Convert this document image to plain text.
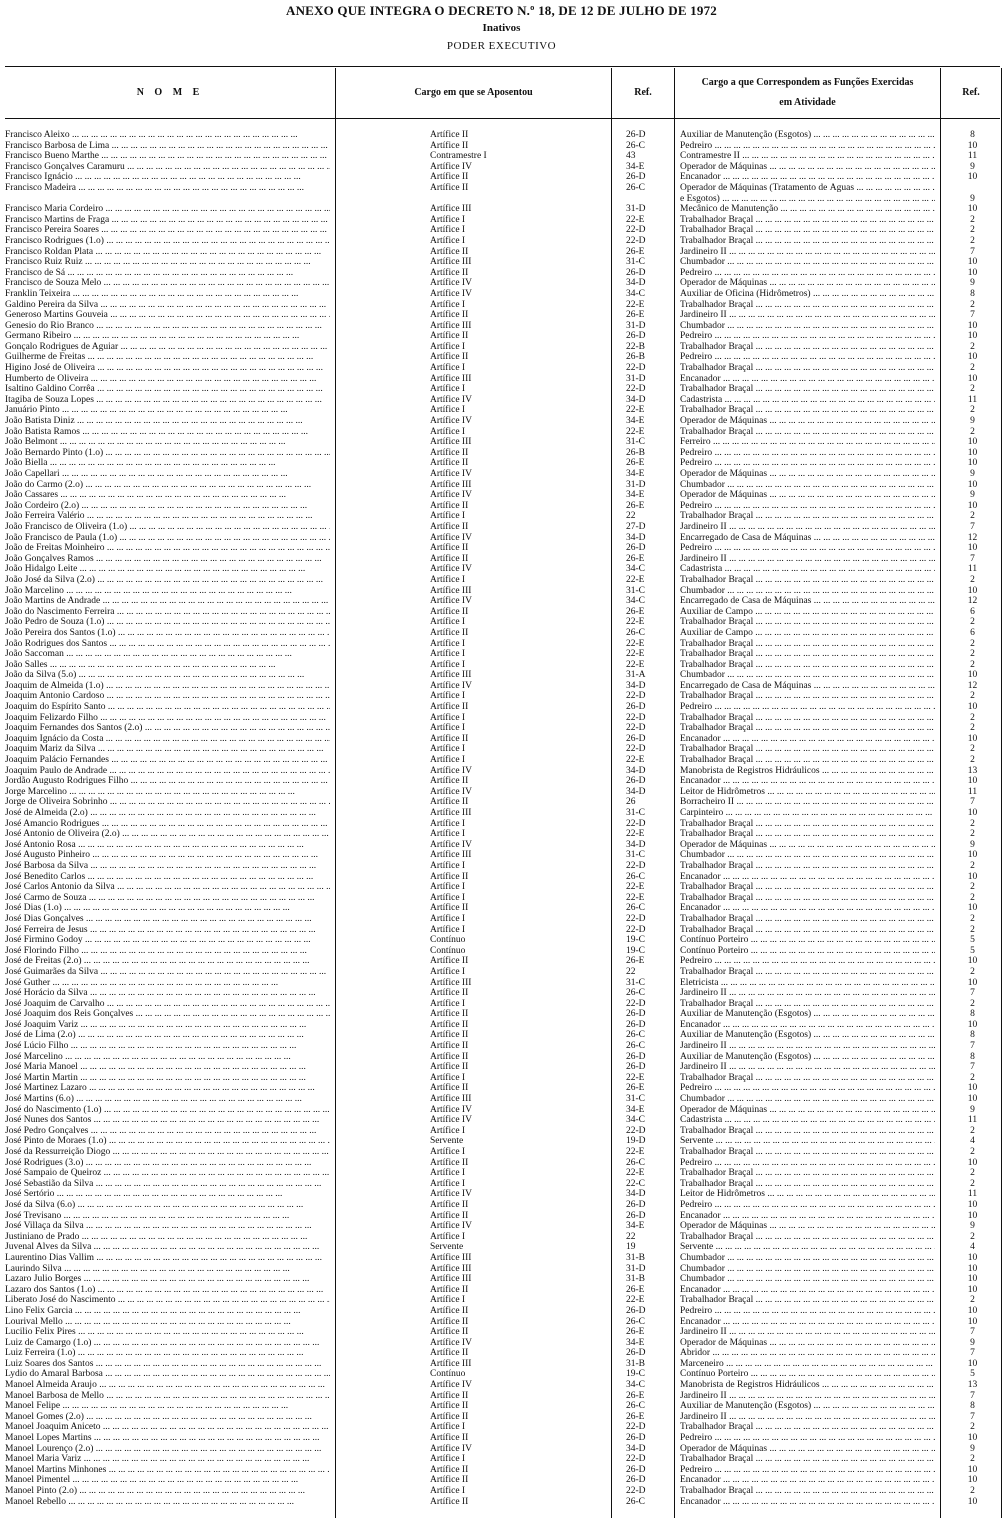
ANEXO QUE INTEGRA O DECRETO N.º 18, DE 12 DE JULHO DE 1972
Inativos
PODER EXECUTIVO
N O M E	Cargo em que se Aposentou	Ref.
Cargo a que Correspondem as Funções Exercidas em Atividade
Ref.
Francisco Aleixo ... .	Artífice II	26-D	Auxiliar de Manutenção (Esgotos) ... .	8
Francisco Barbosa de Lima ... .	Artífice II	26-C	Pedreiro ... .	10
Francisco Bueno Marthe ... .	Contramestre I	43	Contramestre II ... .	11
Francisco Gonçalves Caramuru ... .	Artífice IV	34-E	Operador de Máquinas ... .	9
Francisco Ignácio ... .	Artífice II	26-D	Encanador ... .	10
Francisco Madeira ... .	Artífice II	26-C	Operador de Máquinas (Tratamento de Águas ... .
e Esgotos) ... .	9
Francisco Maria Cordeiro ... .	Artífice III	31-D	Mecânico de Manutenção ... .	10
Francisco Martins de Fraga ... .	Artífice I	22-E	Trabalhador Braçal ... .	2
Francisco Pereira Soares ... .	Artífice I	22-D	Trabalhador Braçal ... .	2
Francisco Rodrigues (1.o) ... .	Artífice I	22-D	Trabalhador Braçal ... .	2
Francisco Roldan Plata ... .	Artífice II	26-E	Jardineiro II ... .	7
Francisco Ruiz Ruiz ... .	Artífice III	31-C	Chumbador ... .	10
Francisco de Sá ... .	Artífice II	26-D	Pedreiro ... .	10
Francisco de Souza Melo ... .	Artífice IV	34-D	Operador de Máquinas ... .	9
Franklin Teixeira ... .	Artífice IV	34-C	Auxiliar de Oficina (Hidrômetros) ... .	8
Galdino Pereira da Silva ... .	Artífice I	22-E	Trabalhador Braçal ... .	2
Generoso Martins Gouveia ... .	Artífice II	26-E	Jardineiro II ... .	7
Genesio do Rio Branco ... .	Artífice III	31-D	Chumbador ... .	10
Germano Ribeiro ... .	Artífice II	26-D	Pedreiro ... .	10
Gonçalo Rodrigues de Aguiar ... .	Artífice I	22-B	Trabalhador Braçal ... .	2
Guilherme de Freitas ... .	Artífice II	26-B	Pedreiro ... .	10
Higino José de Oliveira ... .	Artífice I	22-D	Trabalhador Braçal ... .	2
Humberto de Oliveira ... .	Artífice III	31-D	Encanador ... .	10
Isaltino Galdino Corrêa ... .	Artífice I	22-D	Trabalhador Braçal ... .	2
Itagiba de Souza Lopes ... .	Artífice IV	34-D	Cadastrista ... .	11
Januário Pinto ... .	Artífice I	22-E	Trabalhador Braçal ... .	2
João Batista Diniz ... .	Artífice IV	34-E	Operador de Máquinas ... .	9
João Batista Ramos ... .	Artífice I	22-E	Trabalhador Braçal ... .	2
João Belmont ... .	Artífice III	31-C	Ferreiro ... .	10
João Bernardo Pinto (1.o) ... .	Artífice II	26-B	Pedreiro ... .	10
João Biella ... .	Artífice II	26-E	Pedreiro ... .	10
João Capellari ... .	Artífice IV	34-E	Operador de Máquinas ... .	9
João do Carmo (2.o) ... .	Artífice III	31-D	Chumbador ... .	10
João Cassares ... .	Artífice IV	34-E	Operador de Máquinas ... .	9
João Cordeiro (2.o) ... .	Artífice II	26-E	Pedreiro ... .	10
João Ferreira Valério ... .	Artífice I	22	Trabalhador Braçal ... .	2
João Francisco de Oliveira (1.o) ... .	Artífice II	27-D	Jardineiro II ... .	7
João Francisco de Paula (1.o) ... .	Artífice IV	34-D	Encarregado de Casa de Máquinas ... .	12
João de Freitas Moinheiro ... .	Artífice II	26-D	Pedreiro ... .	10
João Gonçalves Ramos ... .	Artífice II	26-E	Jardineiro II ... .	7
João Hidalgo Leite ... .	Artífice IV	34-C	Cadastrista ... .	11
João José da Silva (2.o) ... .	Artífice I	22-E	Trabalhador Braçal ... .	2
João Marcelino ... .	Artífice III	31-C	Chumbador ... .	10
João Martins de Andrade ... .	Artífice IV	34-C	Encarregado de Casa de Máquinas ... .	12
João do Nascimento Ferreira ... .	Artífice II	26-E	Auxiliar de Campo ... .	6
João Pedro de Souza (1.o) ... .	Artífice I	22-E	Trabalhador Braçal ... .	2
João Pereira dos Santos (1.o) ... .	Artífice II	26-C	Auxiliar de Campo ... .	6
João Rodrigues dos Santos ... .	Artífice I	22-E	Trabalhador Braçal ... .	2
João Saccoman ... .	Artífice I	22-E	Trabalhador Braçal ... .	2
João Salles ... .	Artífice I	22-E	Trabalhador Braçal ... .	2
João da Silva (5.o) ... .	Artífice III	31-A	Chumbador ... .	10
Joaquim de Almeida (1.o) ... .	Artífice IV	34-D	Encarregado de Casa de Máquinas ... .	12
Joaquim Antonio Cardoso ... .	Artífice I	22-D	Trabalhador Braçal ... .	2
Joaquim do Espírito Santo ... .	Artífice II	26-D	Pedreiro ... .	10
Joaquim Felizardo Filho ... .	Artífice I	22-D	Trabalhador Braçal ... .	2
Joaquim Fernandes dos Santos (2.o) ... .	Artífice I	22-D	Trabalhador Braçal ... .	2
Joaquim Ignácio da Costa ... .	Artífice II	26-D	Encanador ... .	10
Joaquim Mariz da Silva ... .	Artífice I	22-D	Trabalhador Braçal ... .	2
Joaquim Palácio Fernandes ... .	Artífice I	22-E	Trabalhador Braçal ... .	2
Joaquim Paulo de Andrade ... .	Artífice IV	34-D	Manobrista de Registros Hidráulicos ... .	13
Jordão Augusto Rodrigues Filho ... .	Artífice II	26-D	Encanador ... .	10
Jorge Marcelino ... .	Artífice IV	34-D	Leitor de Hidrômetros ... .	11
Jorge de Oliveira Sobrinho ... .	Artífice II	26	Borracheiro II ... .	7
José de Almeida (2.o) ... .	Artífice III	31-C	Carpinteiro ... .	10
José Amancio Rodrigues ... .	Artífice I	22-D	Trabalhador Braçal ... .	2
José Antonio de Oliveira (2.o) ... .	Artífice I	22-E	Trabalhador Braçal ... .	2
José Antonio Rosa ... .	Artífice IV	34-D	Operador de Máquinas ... .	9
José Augusto Pinheiro ... .	Artífice III	31-C	Chumbador ... .	10
José Barbosa da Silva ... .	Artífice I	22-D	Trabalhador Braçal ... .	2
José Benedito Carlos ... .	Artífice II	26-C	Encanador ... .	10
José Carlos Antonio da Silva ... .	Artífice I	22-E	Trabalhador Braçal ... .	2
José Carmo de Souza ... .	Artífice I	22-E	Trabalhador Braçal ... .	2
José Dias (1.o) ... .	Artífice II	26-C	Encanador ... .	10
José Dias Gonçalves ... .	Artífice I	22-D	Trabalhador Braçal ... .	2
José Ferreira de Jesus ... .	Artífice I	22-D	Trabalhador Braçal ... .	2
José Firmino Godoy ... .	Contínuo	19-C	Contínuo Porteiro ... .	5
José Florindo Filho ... .	Contínuo	19-C	Contínuo Porteiro ... .	5
José de Freitas (2.o) ... .	Artífice II	26-E	Pedreiro ... .	10
José Guimarães da Silva ... .	Artífice I	22	Trabalhador Braçal ... .	2
José Guther ... .	Artífice III	31-C	Eletricista ... .	10
José Horácio da Silva ... .	Artífice II	26-C	Jardineiro II ... .	7
José Joaquim de Carvalho ... .	Artífice I	22-D	Trabalhador Braçal ... .	2
José Joaquim dos Reis Gonçalves ... .	Artífice II	26-D	Auxiliar de Manutenção (Esgotos) ... .	8
José Joaquim Variz ... .	Artífice II	26-D	Encanador ... .	10
José de Lima (2.o) ... .	Artífice II	26-C	Auxiliar de Manutenção (Esgotos) ... .	8
José Lúcio Filho ... .	Artífice II	26-C	Jardineiro II ... .	7
José Marcelino ... .	Artífice II	26-D	Auxiliar de Manutenção (Esgotos) ... .	8
José Maria Manoel ... .	Artífice II	26-D	Jardineiro II ... .	7
José Martin Martin ... .	Artífice I	22-E	Trabalhador Braçal ... .	2
José Martinez Lazaro ... .	Artífice II	26-E	Pedreiro ... .	10
José Martins (6.o) ... .	Artífice III	31-C	Chumbador ... .	10
José do Nascimento (1.o) ... .	Artífice IV	34-E	Operador de Máquinas ... .	9
José Nunes dos Santos ... .	Artífice IV	34-C	Cadastrista ... .	11
José Pedro Gonçalves ... .	Artífice I	22-D	Trabalhador Braçal ... .	2
José Pinto de Moraes (1.o) ... .	Servente	19-D	Servente ... .	4
José da Ressurreição Diogo ... .	Artífice I	22-E	Trabalhador Braçal ... .	2
José Rodrigues (3.o) ... .	Artífice II	26-C	Pedreiro ... .	10
José Sampaio de Queiroz ... .	Artífice I	22-E	Trabalhador Braçal ... .	2
José Sebastião da Silva ... .	Artífice I	22-C	Trabalhador Braçal ... .	2
José Sertório ... .	Artífice IV	34-D	Leitor de Hidrômetros ... .	11
José da Silva (6.o) ... .	Artífice II	26-D	Pedreiro ... .	10
José Trevisano ... .	Artífice II	26-D	Encanador ... .	10
José Villaça da Silva ... .	Artífice IV	34-E	Operador de Máquinas ... .	9
Justiniano de Prado ... .	Artífice I	22	Trabalhador Braçal ... .	2
Juvenal Alves da Silva ... .	Servente	19	Servente ... .	4
Laurentino Dias Vallim ... .	Artífice III	31-B	Chumbador ... .	10
Laurindo Silva ... .	Artífice III	31-D	Chumbador ... .	10
Lazaro Julio Borges ... .	Artífice III	31-B	Chumbador ... .	10
Lazaro dos Santos (1.o) ... .	Artífice II	26-E	Encanador ... .	10
Liberato José do Nascimento ... .	Artífice I	22-E	Trabalhador Braçal ... .	2
Lino Felix Garcia ... .	Artífice II	26-D	Pedreiro ... .	10
Lourival Mello ... .	Artífice II	26-C	Encanador ... .	10
Lucilio Felix Pires ... .	Artífice II	26-E	Jardineiro II ... .	7
Luiz de Camargo (1.o) ... .	Artífice IV	34-E	Operador de Máquinas ... .	9
Luiz Ferreira (1.o) ... .	Artífice II	26-D	Abridor ... .	7
Luiz Soares dos Santos ... .	Artífice III	31-B	Marceneiro ... .	10
Lydio do Amaral Barbosa ... .	Contínuo	19-C	Contínuo Porteiro ... .	5
Manoel Almeida Araujo ... .	Artífice IV	34-C	Manobrista de Registros Hidráulicos ... .	13
Manoel Barbosa de Mello ... .	Artífice II	26-E	Jardineiro II ... .	7
Manoel Felipe ... .	Artífice II	26-C	Auxiliar de Manutenção (Esgotos) ... .	8
Manoel Gomes (2.o) ... .	Artífice II	26-E	Jardineiro II ... .	7
Manoel Joaquim Aniceto ... .	Artífice I	22-D	Trabalhador Braçal ... .	2
Manoel Lopes Martins ... .	Artífice II	26-D	Pedreiro ... .	10
Manoel Lourenço (2.o) ... .	Artífice IV	34-D	Operador de Máquinas ... .	9
Manoel Maria Variz ... .	Artífice I	22-D	Trabalhador Braçal ... .	2
Manoel Martins Minhones ... .	Artífice II	26-D	Pedreiro ... .	10
Manoel Pimentel ... .	Artífice II	26-D	Encanador ... .	10
Manoel Pinto (2.o) ... .	Artífice I	22-D	Trabalhador Braçal ... .	2
Manoel Rebello ... .	Artífice II	26-C	Encanador ... .	10
